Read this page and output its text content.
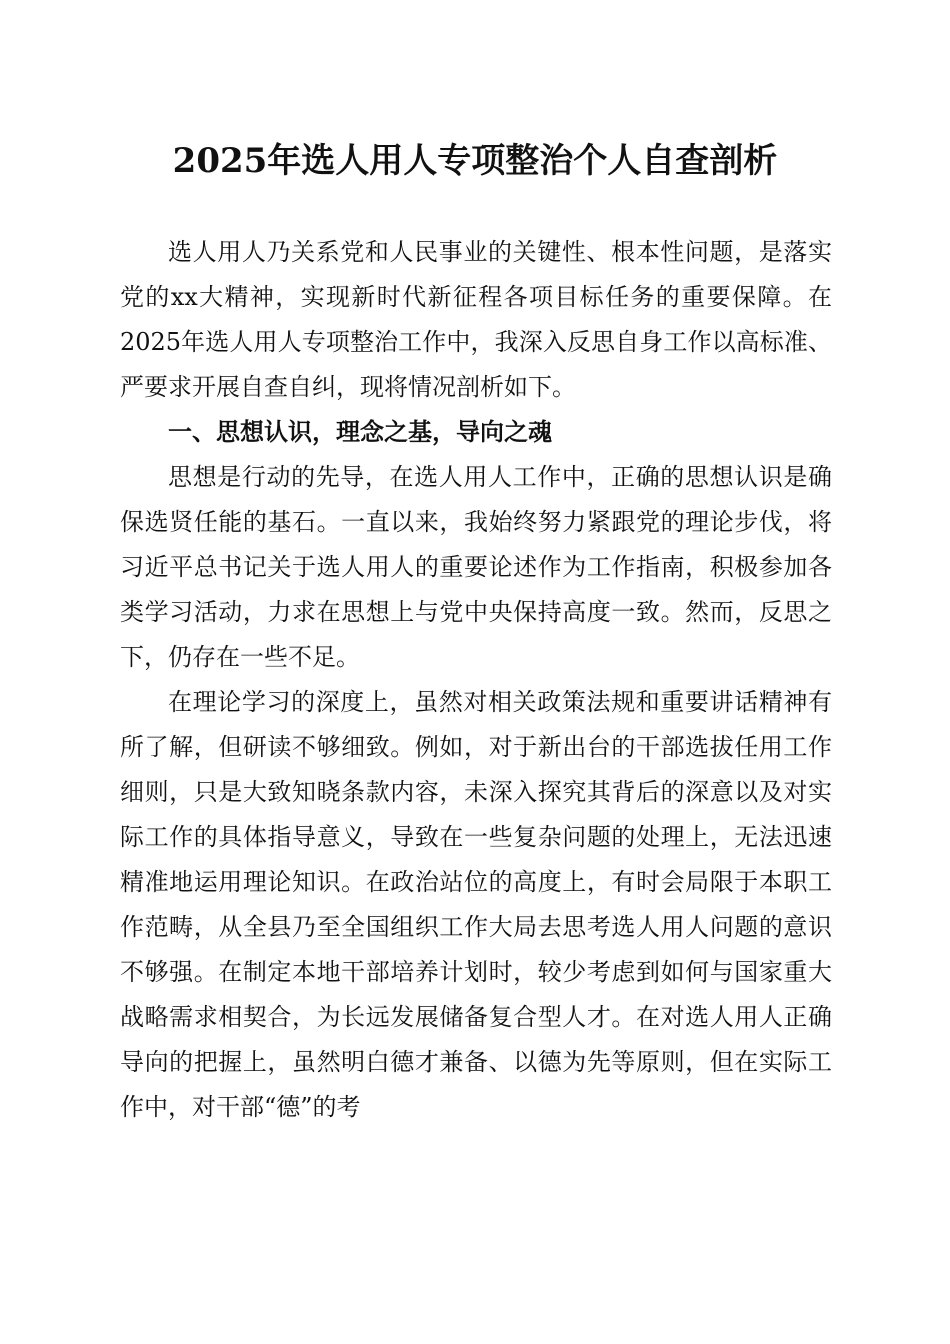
2025年选人用人专项整治个人自查剖析

选人用人乃关系党和人民事业的关键性、根本性问题，是落实党的xx大精神，实现新时代新征程各项目标任务的重要保障。在2025年选人用人专项整治工作中，我深入反思自身工作以高标准、严要求开展自查自纠，现将情况剖析如下。

一、思想认识，理念之基，导向之魂

思想是行动的先导，在选人用人工作中，正确的思想认识是确保选贤任能的基石。一直以来，我始终努力紧跟党的理论步伐，将习近平总书记关于选人用人的重要论述作为工作指南，积极参加各类学习活动，力求在思想上与党中央保持高度一致。然而，反思之下，仍存在一些不足。

在理论学习的深度上，虽然对相关政策法规和重要讲话精神有所了解，但研读不够细致。例如，对于新出台的干部选拔任用工作细则，只是大致知晓条款内容，未深入探究其背后的深意以及对实际工作的具体指导意义，导致在一些复杂问题的处理上，无法迅速精准地运用理论知识。在政治站位的高度上，有时会局限于本职工作范畴，从全县乃至全国组织工作大局去思考选人用人问题的意识不够强。在制定本地干部培养计划时，较少考虑到如何与国家重大战略需求相契合，为长远发展储备复合型人才。在对选人用人正确导向的把握上，虽然明白德才兼备、以德为先等原则，但在实际工作中，对干部“德”的考
